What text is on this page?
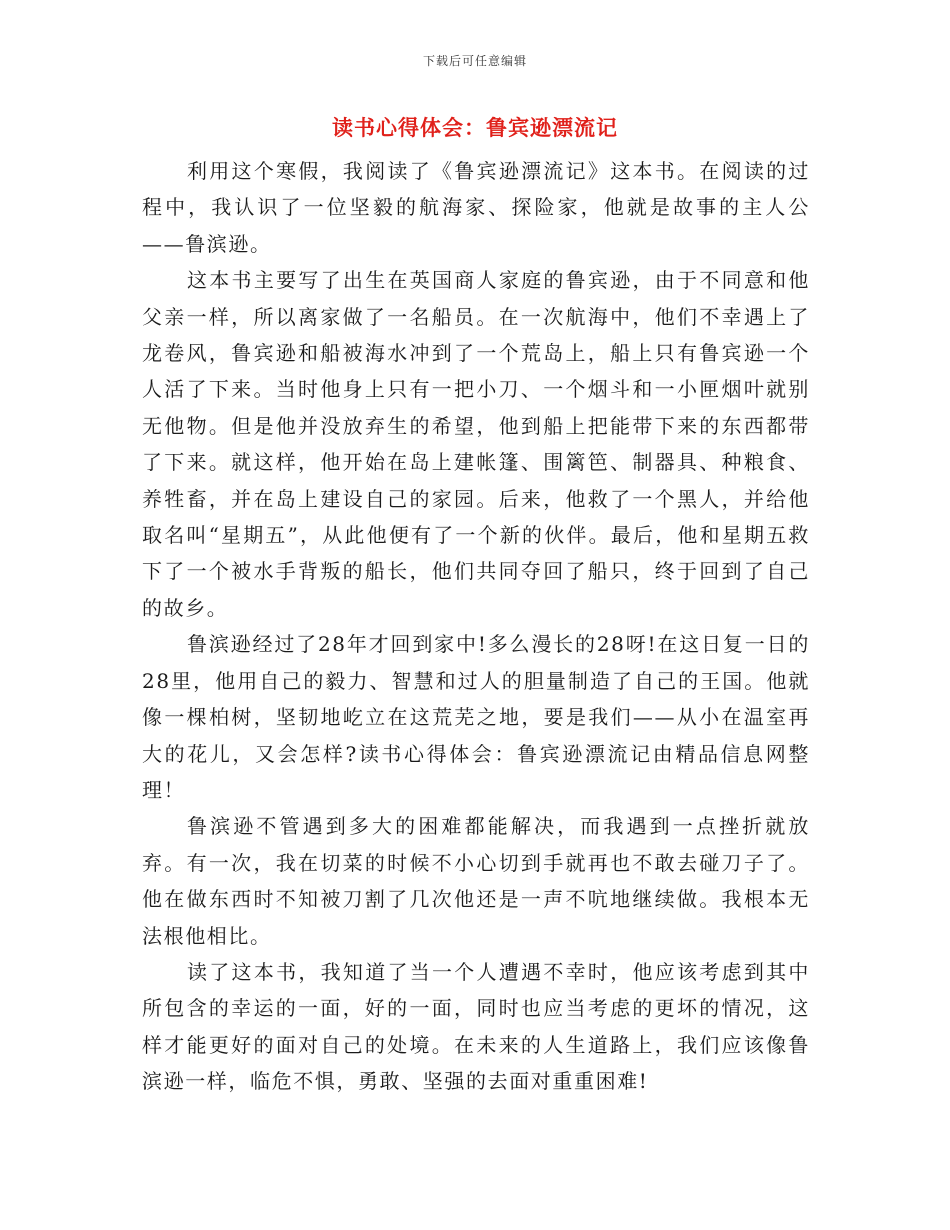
下载后可任意编辑
读书心得体会：鲁宾逊漂流记

利用这个寒假，我阅读了《鲁宾逊漂流记》这本书。在阅读的过程中，我认识了一位坚毅的航海家、探险家，他就是故事的主人公——鲁滨逊。

这本书主要写了出生在英国商人家庭的鲁宾逊，由于不同意和他父亲一样，所以离家做了一名船员。在一次航海中，他们不幸遇上了龙卷风，鲁宾逊和船被海水冲到了一个荒岛上，船上只有鲁宾逊一个人活了下来。当时他身上只有一把小刀、一个烟斗和一小匣烟叶就别无他物。但是他并没放弃生的希望，他到船上把能带下来的东西都带了下来。就这样，他开始在岛上建帐篷、围篱笆、制器具、种粮食、养牲畜，并在岛上建设自己的家园。后来，他救了一个黑人，并给他取名叫“星期五”，从此他便有了一个新的伙伴。最后，他和星期五救下了一个被水手背叛的船长，他们共同夺回了船只，终于回到了自己的故乡。

鲁滨逊经过了28年才回到家中!多么漫长的28呀!在这日复一日的28里，他用自己的毅力、智慧和过人的胆量制造了自己的王国。他就像一棵柏树，坚韧地屹立在这荒芜之地，要是我们——从小在温室再大的花儿，又会怎样?读书心得体会：鲁宾逊漂流记由精品信息网整理！

鲁滨逊不管遇到多大的困难都能解决，而我遇到一点挫折就放弃。有一次，我在切菜的时候不小心切到手就再也不敢去碰刀子了。他在做东西时不知被刀割了几次他还是一声不吭地继续做。我根本无法根他相比。

读了这本书，我知道了当一个人遭遇不幸时，他应该考虑到其中所包含的幸运的一面，好的一面，同时也应当考虑的更坏的情况，这样才能更好的面对自己的处境。在未来的人生道路上，我们应该像鲁滨逊一样，临危不惧，勇敢、坚强的去面对重重困难!
